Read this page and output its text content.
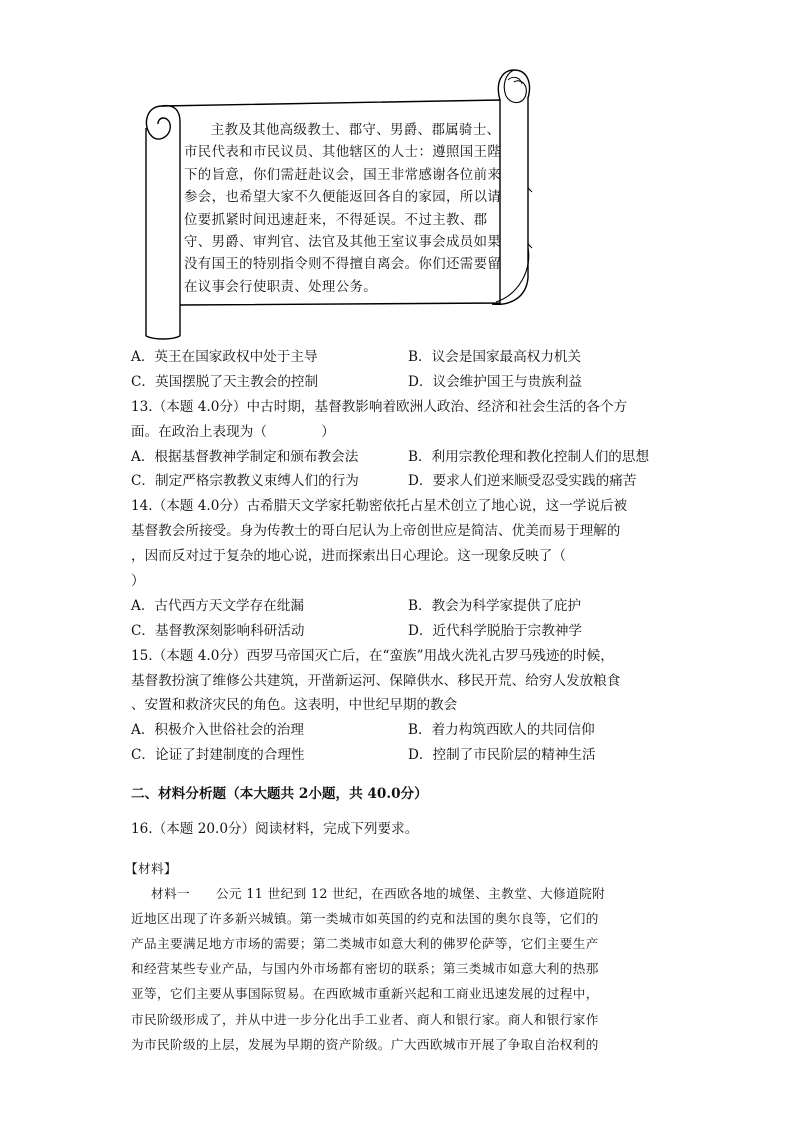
主教及其他高级教士、郡守、男爵、郡属骑士、市民代表和市民议员、其他辖区的人士：遵照国王陛下的旨意，你们需赶赴议会，国王非常感谢各位前来参会，也希望大家不久便能返回各自的家园，所以请位要抓紧时间迅速赶来，不得延误。不过主教、郡守、男爵、审判官、法官及其他王室议事会成员如果没有国王的特别指令则不得擅自离会。你们还需要留在议事会行使职责、处理公务。

A．英王在国家政权中处于主导	B．议会是国家最高权力机关
C．英国摆脱了天主教会的控制	D．议会维护国王与贵族利益
13.（本题 4.0分）中古时期，基督教影响着欧洲人政治、经济和社会生活的各个方
面。在政治上表现为（　　　　）
A．根据基督教神学制定和颁布教会法	B．利用宗教伦理和教化控制人们的思想
C．制定严格宗教教义束缚人们的行为	D．要求人们逆来顺受忍受实践的痛苦
14.（本题 4.0分）古希腊天文学家托勒密依托占星术创立了地心说，这一学说后被
基督教会所接受。身为传教士的哥白尼认为上帝创世应是简洁、优美而易于理解的
，因而反对过于复杂的地心说，进而探索出日心理论。这一现象反映了（
）
A．古代西方天文学存在纰漏	B．教会为科学家提供了庇护
C．基督教深刻影响科研活动	D．近代科学脱胎于宗教神学
15.（本题 4.0分）西罗马帝国灭亡后，在“蛮族”用战火洗礼古罗马残迹的时候，
基督教扮演了维修公共建筑，开凿新运河、保障供水、移民开荒、给穷人发放粮食
、安置和救济灾民的角色。这表明，中世纪早期的教会
A．积极介入世俗社会的治理	B．着力构筑西欧人的共同信仰
C．论证了封建制度的合理性	D．控制了市民阶层的精神生活
二、材料分析题（本大题共 2小题，共 40.0分）
16.（本题 20.0分）阅读材料，完成下列要求。
【材料】
材料一　　公元 11 世纪到 12 世纪，在西欧各地的城堡、主教堂、大修道院附
近地区出现了许多新兴城镇。第一类城市如英国的约克和法国的奥尔良等，它们的
产品主要满足地方市场的需要；第二类城市如意大利的佛罗伦萨等，它们主要生产
和经营某些专业产品，与国内外市场都有密切的联系；第三类城市如意大利的热那
亚等，它们主要从事国际贸易。在西欧城市重新兴起和工商业迅速发展的过程中，
市民阶级形成了，并从中进一步分化出手工业者、商人和银行家。商人和银行家作
为市民阶级的上层，发展为早期的资产阶级。广大西欧城市开展了争取自治权利的
